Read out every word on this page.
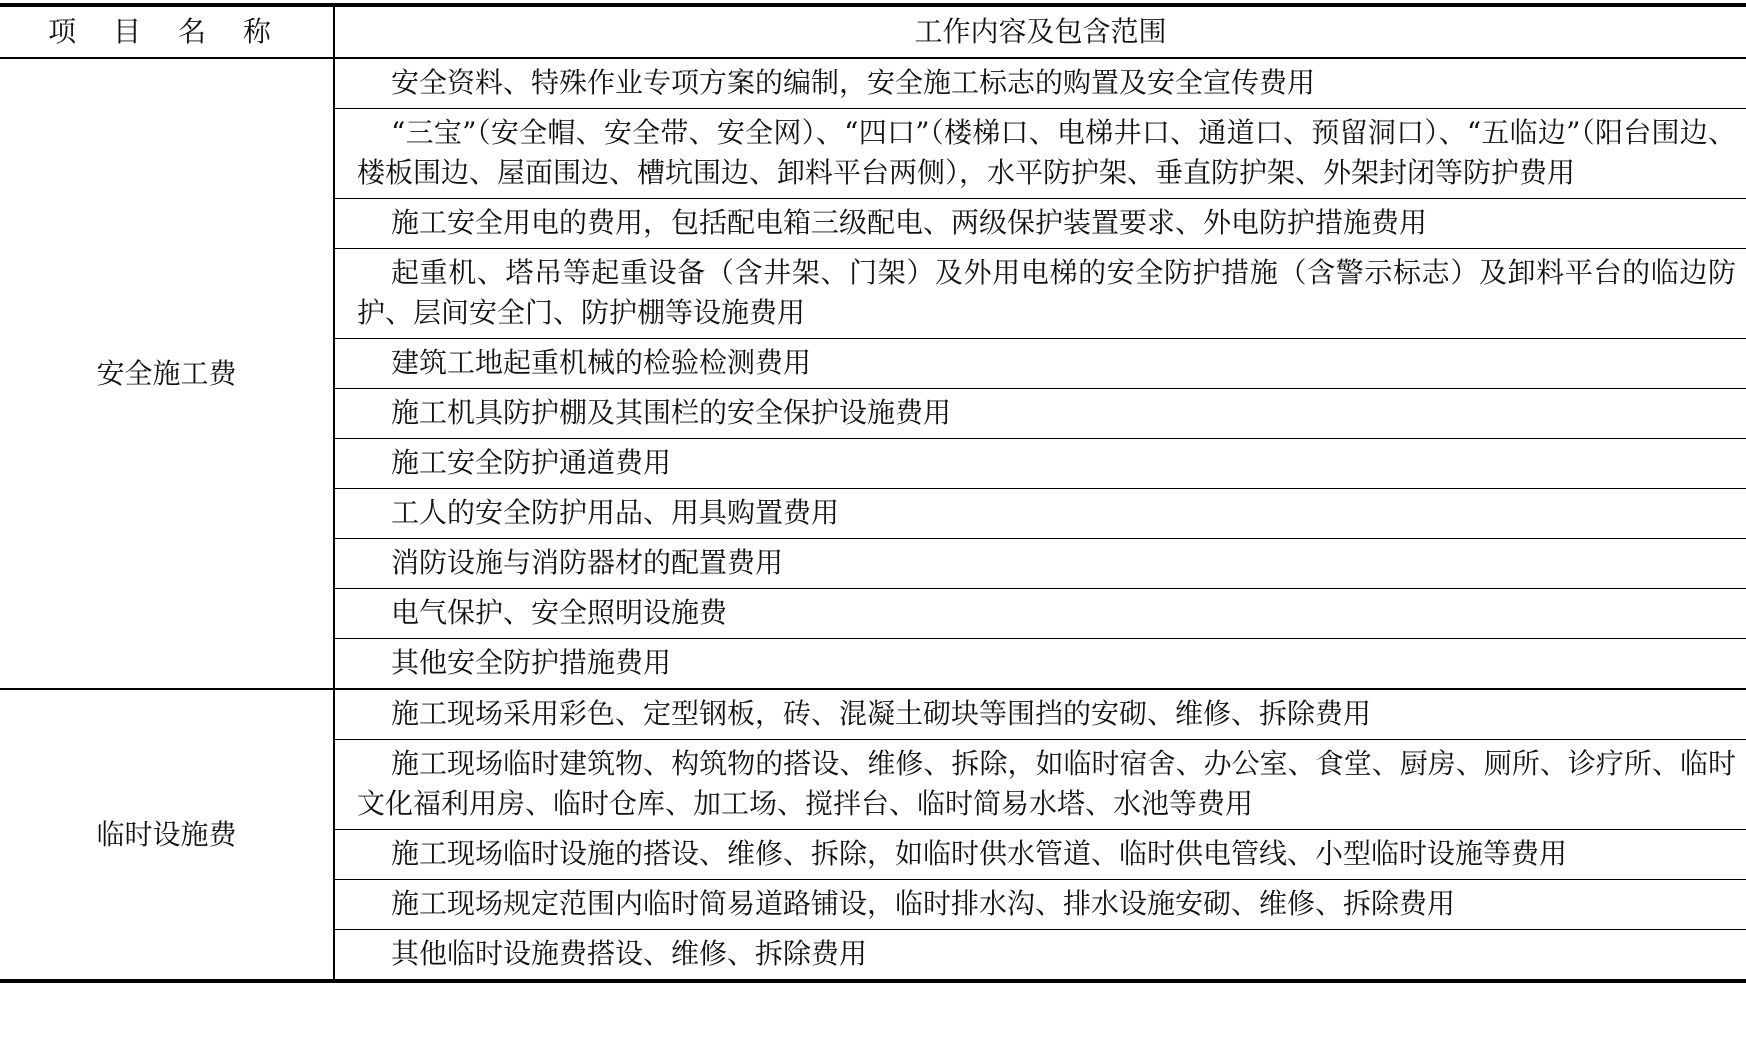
项 目 名 称	工作内容及包含范围
安全施工费	安全资料、特殊作业专项方案的编制，安全施工标志的购置及安全宣传费用
	“三宝”（安全帽、安全带、安全网）、“四口”（楼梯口、电梯井口、通道口、预留洞口）、“五临边”（阳台围边、楼板围边、屋面围边、槽坑围边、卸料平台两侧），水平防护架、垂直防护架、外架封闭等防护费用
	施工安全用电的费用，包括配电箱三级配电、两级保护装置要求、外电防护措施费用
	起重机、塔吊等起重设备（含井架、门架）及外用电梯的安全防护措施（含警示标志）及卸料平台的临边防护、层间安全门、防护棚等设施费用
	建筑工地起重机械的检验检测费用
	施工机具防护棚及其围栏的安全保护设施费用
	施工安全防护通道费用
	工人的安全防护用品、用具购置费用
	消防设施与消防器材的配置费用
	电气保护、安全照明设施费
	其他安全防护措施费用
临时设施费	施工现场采用彩色、定型钢板，砖、混凝土砌块等围挡的安砌、维修、拆除费用
	施工现场临时建筑物、构筑物的搭设、维修、拆除，如临时宿舍、办公室、食堂、厨房、厕所、诊疗所、临时文化福利用房、临时仓库、加工场、搅拌台、临时简易水塔、水池等费用
	施工现场临时设施的搭设、维修、拆除，如临时供水管道、临时供电管线、小型临时设施等费用
	施工现场规定范围内临时简易道路铺设，临时排水沟、排水设施安砌、维修、拆除费用
	其他临时设施费搭设、维修、拆除费用
